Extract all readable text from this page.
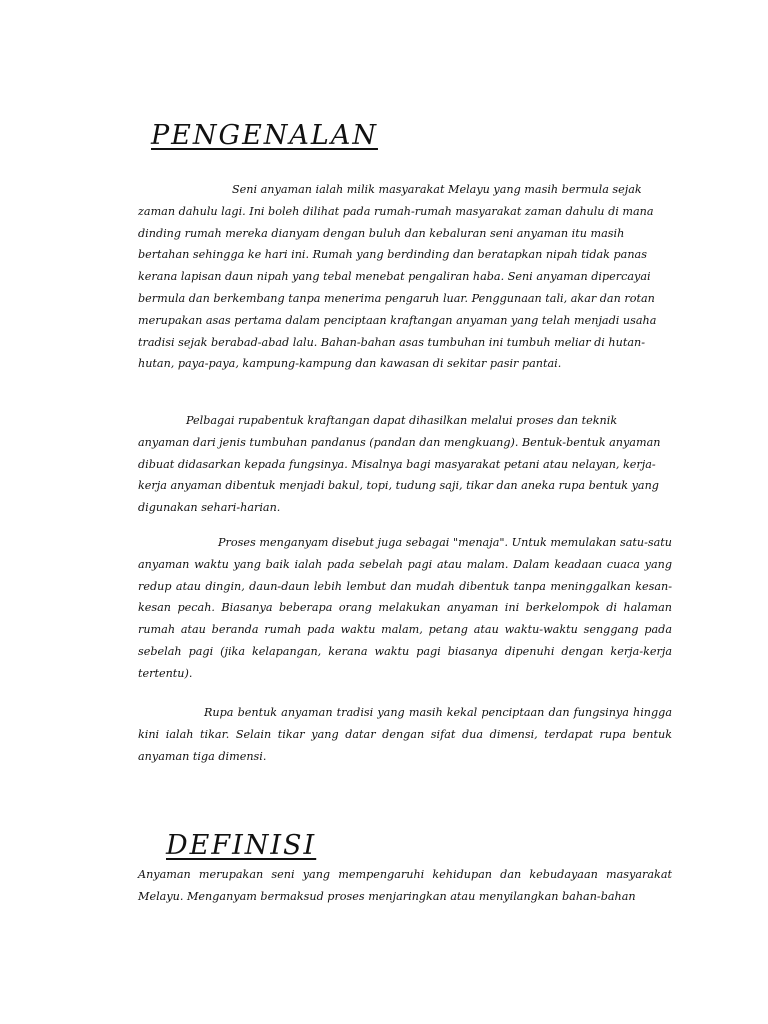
PENGENALAN

Seni anyaman ialah milik masyarakat Melayu yang masih bermula sejak zaman dahulu lagi. Ini boleh dilihat pada rumah-rumah masyarakat zaman dahulu di mana dinding rumah mereka dianyam dengan buluh dan kebaluran seni anyaman itu masih bertahan sehingga ke hari ini. Rumah yang berdinding dan beratapkan nipah tidak panas kerana lapisan daun nipah yang tebal menebat pengaliran haba. Seni anyaman dipercayai bermula dan berkembang tanpa menerima pengaruh luar. Penggunaan tali, akar dan rotan merupakan asas pertama dalam penciptaan kraftangan anyaman yang telah menjadi usaha tradisi sejak berabad-abad lalu. Bahan-bahan asas tumbuhan ini tumbuh meliar di hutan-hutan, paya-paya, kampung-kampung dan kawasan di sekitar pasir pantai.

Pelbagai rupabentuk kraftangan dapat dihasilkan melalui proses dan teknik anyaman dari jenis tumbuhan pandanus (pandan dan mengkuang). Bentuk-bentuk anyaman dibuat didasarkan kepada fungsinya. Misalnya bagi masyarakat petani atau nelayan, kerja-kerja anyaman dibentuk menjadi bakul, topi, tudung saji, tikar dan aneka rupa bentuk yang digunakan sehari-harian.

Proses menganyam disebut juga sebagai "menaja". Untuk memulakan satu-satu anyaman waktu yang baik ialah pada sebelah pagi atau malam. Dalam keadaan cuaca yang redup atau dingin, daun-daun lebih lembut dan mudah dibentuk tanpa meninggalkan kesan-kesan pecah. Biasanya beberapa orang melakukan anyaman ini berkelompok di halaman rumah atau beranda rumah pada waktu malam, petang atau waktu-waktu senggang pada sebelah pagi (jika kelapangan, kerana waktu pagi biasanya dipenuhi dengan kerja-kerja tertentu).

Rupa bentuk anyaman tradisi yang masih kekal penciptaan dan fungsinya hingga kini ialah tikar. Selain tikar yang datar dengan sifat dua dimensi, terdapat rupa bentuk anyaman tiga dimensi.

DEFINISI

Anyaman merupakan seni yang mempengaruhi kehidupan dan kebudayaan masyarakat Melayu. Menganyam bermaksud proses menjaringkan atau menyilangkan bahan-bahan
